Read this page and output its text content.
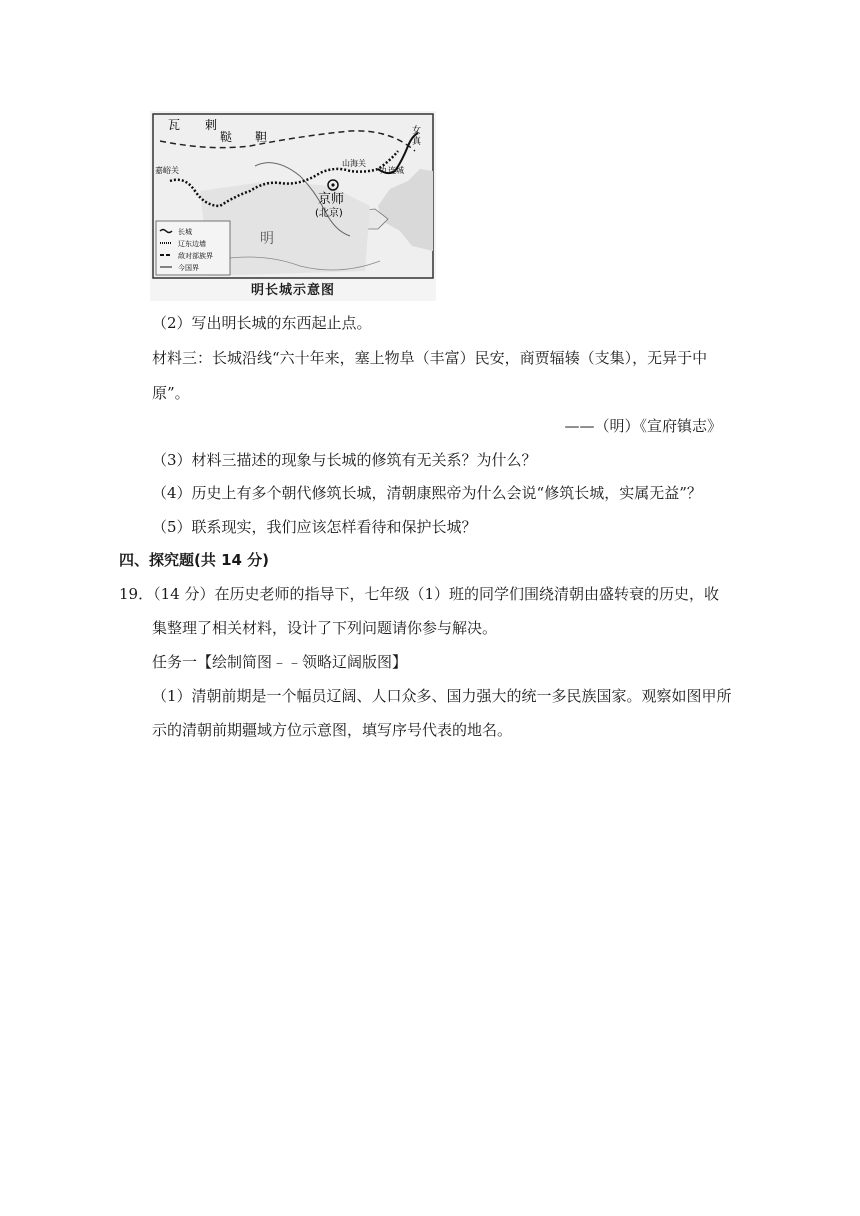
瓦 剌
鞑 靼	女
真
嘉峪关
山海关
九连城
京师
(北京)
明
长城
辽东边墙
敌对部族界
今国界
明长城示意图
（2）写出明长城的东西起止点。
材料三：长城沿线“六十年来，塞上物阜（丰富）民安，商贾辐辏（支集），无异于中
原”。
——（明）《宣府镇志》
（3）材料三描述的现象与长城的修筑有无关系？为什么？
（4）历史上有多个朝代修筑长城，清朝康熙帝为什么会说“修筑长城，实属无益”？
（5）联系现实，我们应该怎样看待和保护长城？
四、探究题(共 14 分)
19．（14 分）在历史老师的指导下，七年级（1）班的同学们围绕清朝由盛转衰的历史，收
集整理了相关材料，设计了下列问题请你参与解决。
任务一【绘制简图﹣﹣领略辽阔版图】
（1）清朝前期是一个幅员辽阔、人口众多、国力强大的统一多民族国家。观察如图甲所
示的清朝前期疆域方位示意图，填写序号代表的地名。
